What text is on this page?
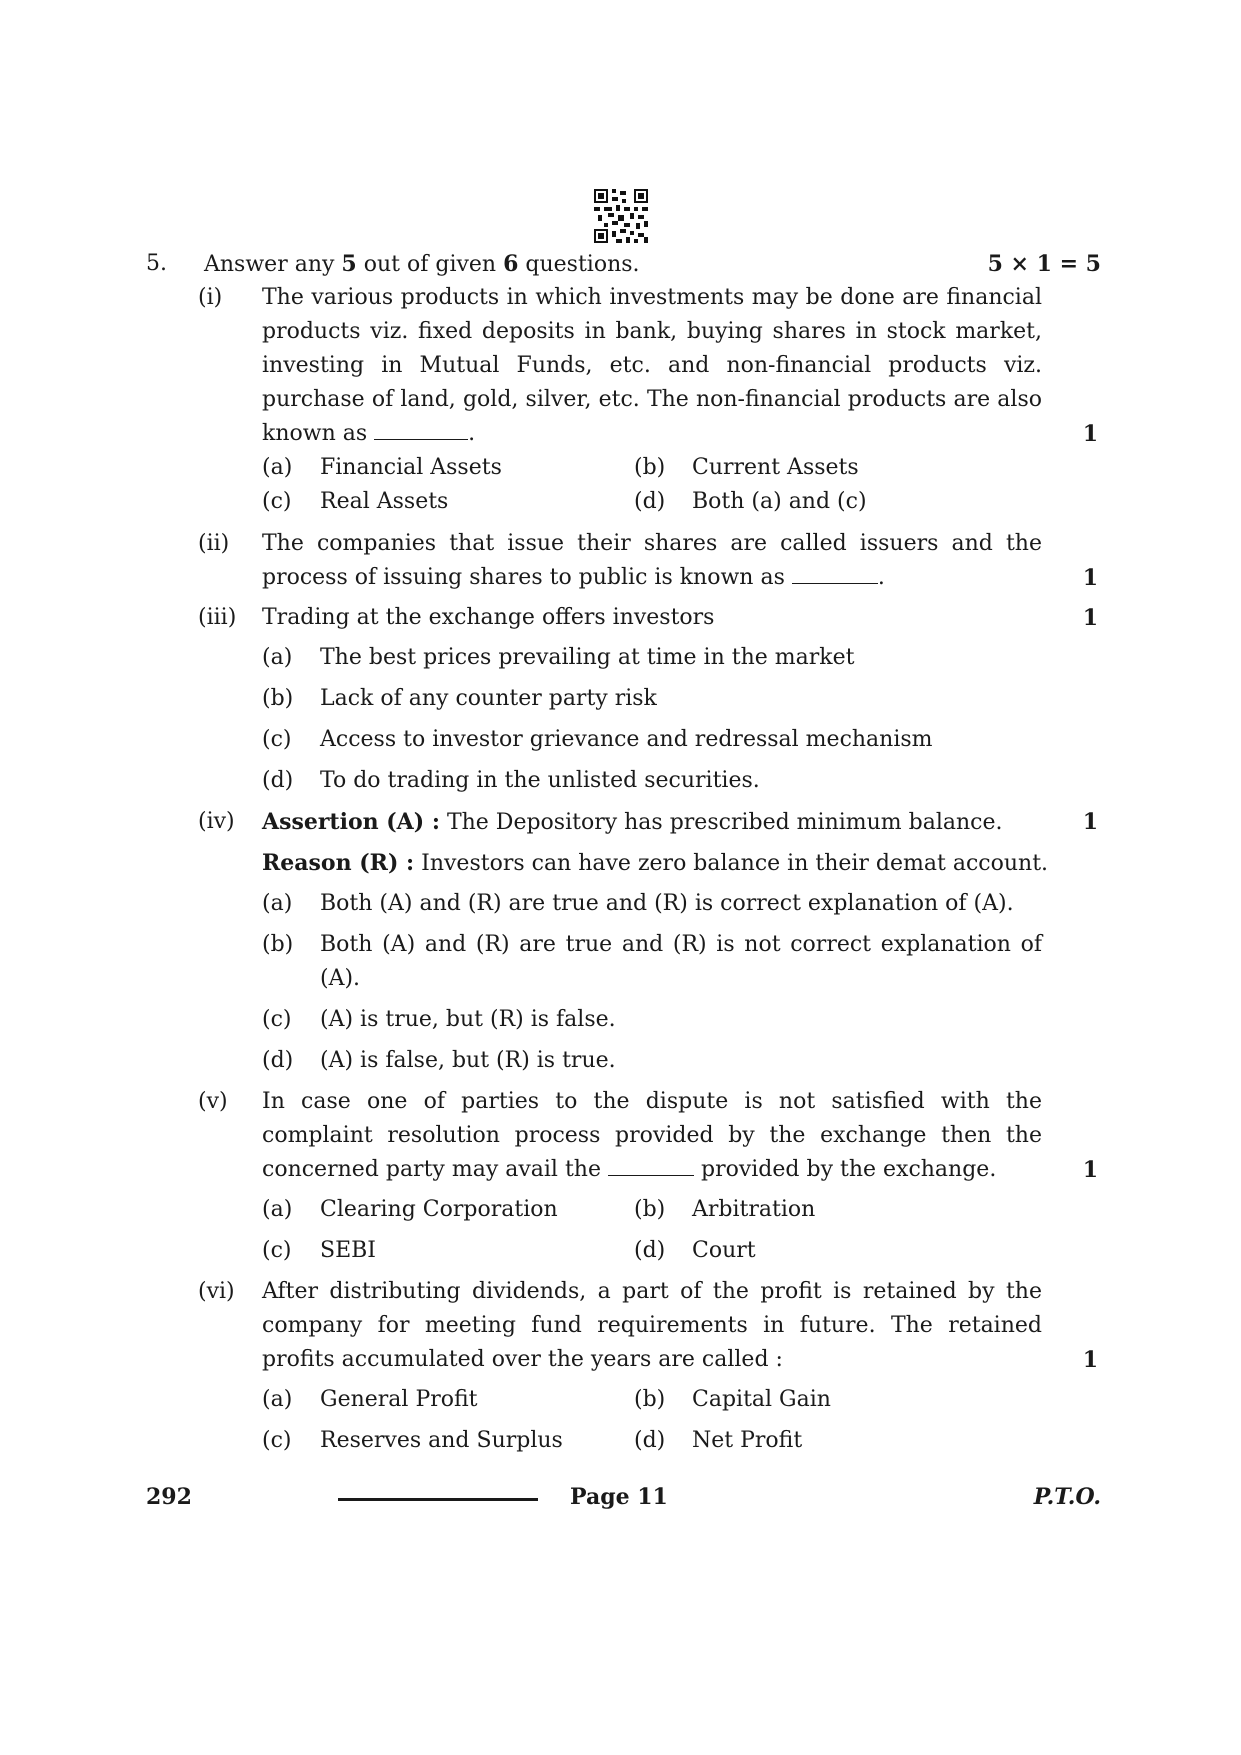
5. Answer any 5 out of given 6 questions.	5 × 1 = 5
(i) The various products in which investments may be done are financial products viz. fixed deposits in bank, buying shares in stock market, investing in Mutual Funds, etc. and non-financial products viz. purchase of land, gold, silver, etc. The non-financial products are also known as	.	1
(a) Financial Assets	(b) Current Assets
(c) Real Assets	(d) Both (a) and (c)
(ii) The companies that issue their shares are called issuers and the process of issuing shares to public is known as	.	1
(iii) Trading at the exchange offers investors	1
(a) The best prices prevailing at time in the market
(b) Lack of any counter party risk
(c) Access to investor grievance and redressal mechanism
(d) To do trading in the unlisted securities.
(iv) Assertion (A) : The Depository has prescribed minimum balance.	1
Reason (R) : Investors can have zero balance in their demat account.
(a) Both (A) and (R) are true and (R) is correct explanation of (A).
(b)	Both (A) and (R) are true and (R) is not correct explanation of (A).
(c) (A) is true, but (R) is false.
(d) (A) is false, but (R) is true.
(v) In case one of parties to the dispute is not satisfied with the complaint resolution process provided by the exchange then the concerned party may avail the	provided by the exchange.	1
(a) Clearing Corporation	(b) Arbitration
(c) SEBI	(d) Court
(vi) After distributing dividends, a part of the profit is retained by the company for meeting fund requirements in future. The retained profits accumulated over the years are called :	1
(a) General Profit	(b) Capital Gain
(c) Reserves and Surplus	(d) Net Profit
292	Page 11	P.T.O.
